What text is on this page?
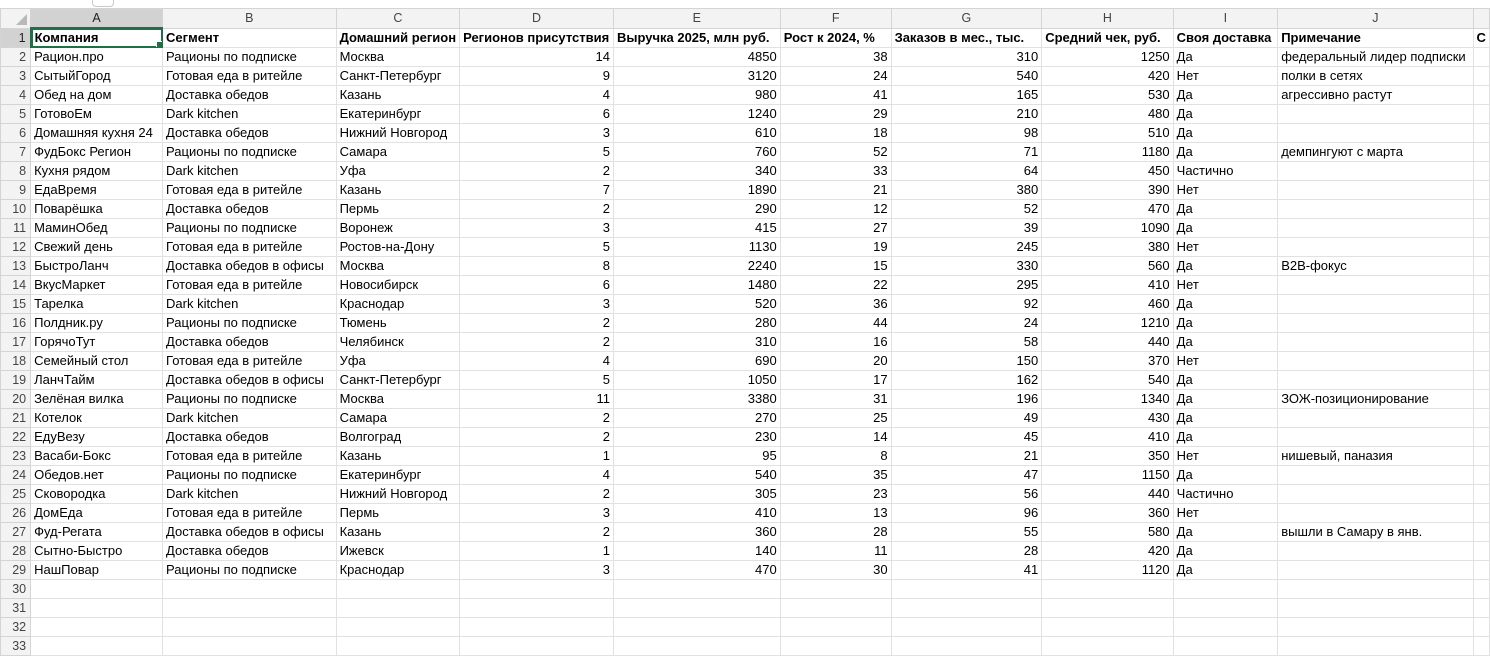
	A	B	C	D	E	F	G	H	I	J	
1	Компания	Сегмент	Домашний регион	Регионов присутствия	Выручка 2025, млн руб.	Рост к 2024, %	Заказов в мес., тыс.	Средний чек, руб.	Своя доставка	Примечание	С
2	Рацион.про	Рационы по подписке	Москва	14	4850	38	310	1250	Да	федеральный лидер подписки	
3	СытыйГород	Готовая еда в ритейле	Санкт-Петербург	9	3120	24	540	420	Нет	полки в сетях	
4	Обед на дом	Доставка обедов	Казань	4	980	41	165	530	Да	агрессивно растут	
5	ГотовоЕм	Dark kitchen	Екатеринбург	6	1240	29	210	480	Да		
6	Домашняя кухня 24	Доставка обедов	Нижний Новгород	3	610	18	98	510	Да		
7	ФудБокс Регион	Рационы по подписке	Самара	5	760	52	71	1180	Да	демпингуют с марта	
8	Кухня рядом	Dark kitchen	Уфа	2	340	33	64	450	Частично		
9	ЕдаВремя	Готовая еда в ритейле	Казань	7	1890	21	380	390	Нет		
10	Поварёшка	Доставка обедов	Пермь	2	290	12	52	470	Да		
11	МаминОбед	Рационы по подписке	Воронеж	3	415	27	39	1090	Да		
12	Свежий день	Готовая еда в ритейле	Ростов-на-Дону	5	1130	19	245	380	Нет		
13	БыстроЛанч	Доставка обедов в офисы	Москва	8	2240	15	330	560	Да	B2B-фокус	
14	ВкусМаркет	Готовая еда в ритейле	Новосибирск	6	1480	22	295	410	Нет		
15	Тарелка	Dark kitchen	Краснодар	3	520	36	92	460	Да		
16	Полдник.ру	Рационы по подписке	Тюмень	2	280	44	24	1210	Да		
17	ГорячоТут	Доставка обедов	Челябинск	2	310	16	58	440	Да		
18	Семейный стол	Готовая еда в ритейле	Уфа	4	690	20	150	370	Нет		
19	ЛанчТайм	Доставка обедов в офисы	Санкт-Петербург	5	1050	17	162	540	Да		
20	Зелёная вилка	Рационы по подписке	Москва	11	3380	31	196	1340	Да	ЗОЖ-позиционирование	
21	Котелок	Dark kitchen	Самара	2	270	25	49	430	Да		
22	ЕдуВезу	Доставка обедов	Волгоград	2	230	14	45	410	Да		
23	Васаби-Бокс	Готовая еда в ритейле	Казань	1	95	8	21	350	Нет	нишевый, паназия	
24	Обедов.нет	Рационы по подписке	Екатеринбург	4	540	35	47	1150	Да		
25	Сковородка	Dark kitchen	Нижний Новгород	2	305	23	56	440	Частично		
26	ДомЕда	Готовая еда в ритейле	Пермь	3	410	13	96	360	Нет		
27	Фуд-Регата	Доставка обедов в офисы	Казань	2	360	28	55	580	Да	вышли в Самару в янв.	
28	Сытно-Быстро	Доставка обедов	Ижевск	1	140	11	28	420	Да		
29	НашПовар	Рационы по подписке	Краснодар	3	470	30	41	1120	Да		
30											
31											
32											
33											
